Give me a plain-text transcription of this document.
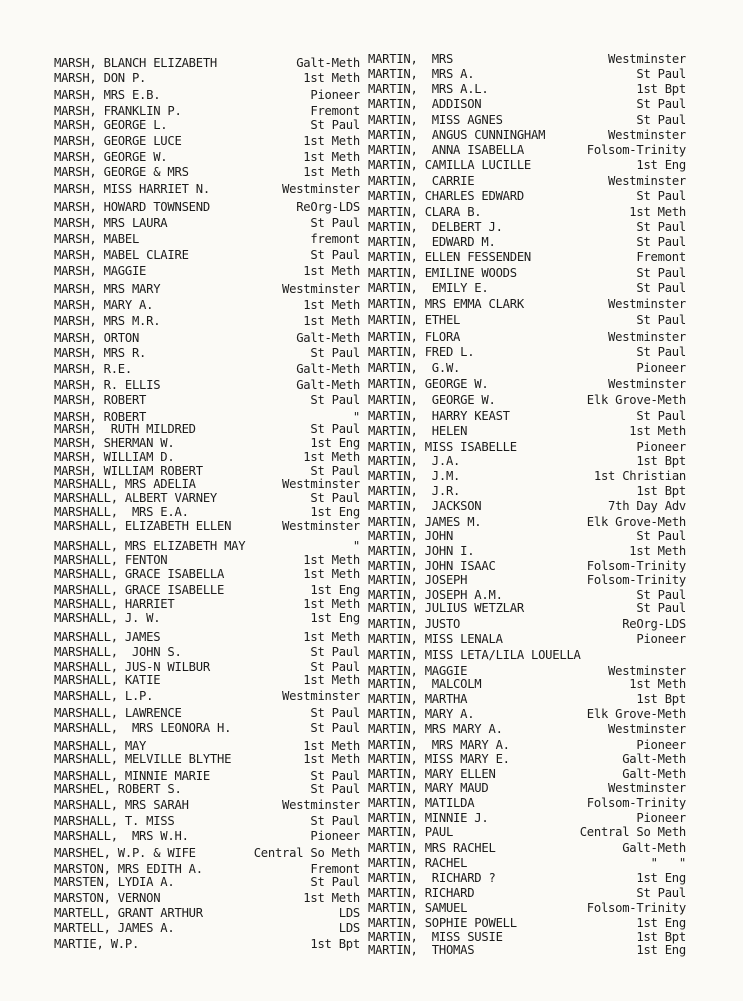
MARSH, BLANCH ELIZABETH	Galt-Meth
MARSH, DON P.	1st Meth
MARSH, MRS E.B.	Pioneer
MARSH, FRANKLIN P.	Fremont
MARSH, GEORGE L.	St Paul
MARSH, GEORGE LUCE	1st Meth
MARSH, GEORGE W.	1st Meth
MARSH, GEORGE & MRS	1st Meth
MARSH, MISS HARRIET N.	Westminster
MARSH, HOWARD TOWNSEND	ReOrg-LDS
MARSH, MRS LAURA	St Paul
MARSH, MABEL	fremont
MARSH, MABEL CLAIRE	St Paul
MARSH, MAGGIE	1st Meth
MARSH, MRS MARY	Westminster
MARSH, MARY A.	1st Meth
MARSH, MRS M.R.	1st Meth
MARSH, ORTON	Galt-Meth
MARSH, MRS R.	St Paul
MARSH, R.E.	Galt-Meth
MARSH, R. ELLIS	Galt-Meth
MARSH, ROBERT	St Paul
MARSH, ROBERT	"
MARSH,  RUTH MILDRED	St Paul
MARSH, SHERMAN W.	1st Eng
MARSH, WILLIAM D.	1st Meth
MARSH, WILLIAM ROBERT	St Paul
MARSHALL, MRS ADELIA	Westminster
MARSHALL, ALBERT VARNEY	St Paul
MARSHALL,  MRS E.A.	1st Eng
MARSHALL, ELIZABETH ELLEN	Westminster
MARSHALL, MRS ELIZABETH MAY	"
MARSHALL, FENTON	1st Meth
MARSHALL, GRACE ISABELLA	1st Meth
MARSHALL, GRACE ISABELLE	1st Eng
MARSHALL, HARRIET	1st Meth
MARSHALL, J. W.	1st Eng
MARSHALL, JAMES	1st Meth
MARSHALL,  JOHN S.	St Paul
MARSHALL, JUS-N WILBUR	St Paul
MARSHALL, KATIE	1st Meth
MARSHALL, L.P.	Westminster
MARSHALL, LAWRENCE	St Paul
MARSHALL,  MRS LEONORA H.	St Paul
MARSHALL, MAY	1st Meth
MARSHALL, MELVILLE BLYTHE	1st Meth
MARSHALL, MINNIE MARIE	St Paul
MARSHEL, ROBERT S.	St Paul
MARSHALL, MRS SARAH	Westminster
MARSHALL, T. MISS	St Paul
MARSHALL,  MRS W.H.	Pioneer
MARSHEL, W.P. & WIFE	Central So Meth
MARSTON, MRS EDITH A.	Fremont
MARSTEN, LYDIA A.	St Paul
MARSTON, VERNON	1st Meth
MARTELL, GRANT ARTHUR	LDS
MARTELL, JAMES A.	LDS
MARTIE, W.P.	1st Bpt
MARTIN,  MRS	Westminster
MARTIN,  MRS A.	St Paul
MARTIN,  MRS A.L.	1st Bpt
MARTIN,  ADDISON	St Paul
MARTIN,  MISS AGNES	St Paul
MARTIN,  ANGUS CUNNINGHAM	Westminster
MARTIN,  ANNA ISABELLA	Folsom-Trinity
MARTIN, CAMILLA LUCILLE	1st Eng
MARTIN,  CARRIE	Westminster
MARTIN, CHARLES EDWARD	St Paul
MARTIN, CLARA B.	1st Meth
MARTIN,  DELBERT J.	St Paul
MARTIN,  EDWARD M.	St Paul
MARTIN, ELLEN FESSENDEN	Fremont
MARTIN, EMILINE WOODS	St Paul
MARTIN,  EMILY E.	St Paul
MARTIN, MRS EMMA CLARK	Westminster
MARTIN, ETHEL	St Paul
MARTIN, FLORA	Westminster
MARTIN, FRED L.	St Paul
MARTIN,  G.W.	Pioneer
MARTIN, GEORGE W.	Westminster
MARTIN,  GEORGE W.	Elk Grove-Meth
MARTIN,  HARRY KEAST	St Paul
MARTIN,  HELEN	1st Meth
MARTIN, MISS ISABELLE	Pioneer
MARTIN,  J.A.	1st Bpt
MARTIN,  J.M.	1st Christian
MARTIN,  J.R.	1st Bpt
MARTIN,  JACKSON	7th Day Adv
MARTIN, JAMES M.	Elk Grove-Meth
MARTIN, JOHN	St Paul
MARTIN, JOHN I.	1st Meth
MARTIN, JOHN ISAAC	Folsom-Trinity
MARTIN, JOSEPH	Folsom-Trinity
MARTIN, JOSEPH A.M.	St Paul
MARTIN, JULIUS WETZLAR	St Paul
MARTIN, JUSTO	ReOrg-LDS
MARTIN, MISS LENALA	Pioneer
MARTIN, MISS LETA/LILA LOUELLA
MARTIN, MAGGIE	Westminster
MARTIN,  MALCOLM	1st Meth
MARTIN, MARTHA	1st Bpt
MARTIN, MARY A.	Elk Grove-Meth
MARTIN, MRS MARY A.	Westminster
MARTIN,  MRS MARY A.	Pioneer
MARTIN, MISS MARY E.	Galt-Meth
MARTIN, MARY ELLEN	Galt-Meth
MARTIN, MARY MAUD	Westminster
MARTIN, MATILDA	Folsom-Trinity
MARTIN, MINNIE J.	Pioneer
MARTIN, PAUL	Central So Meth
MARTIN, MRS RACHEL	Galt-Meth
MARTIN, RACHEL	"   "
MARTIN,  RICHARD ?	1st Eng
MARTIN, RICHARD	St Paul
MARTIN, SAMUEL	Folsom-Trinity
MARTIN, SOPHIE POWELL	1st Eng
MARTIN,  MISS SUSIE	1st Bpt
MARTIN,  THOMAS	1st Eng
